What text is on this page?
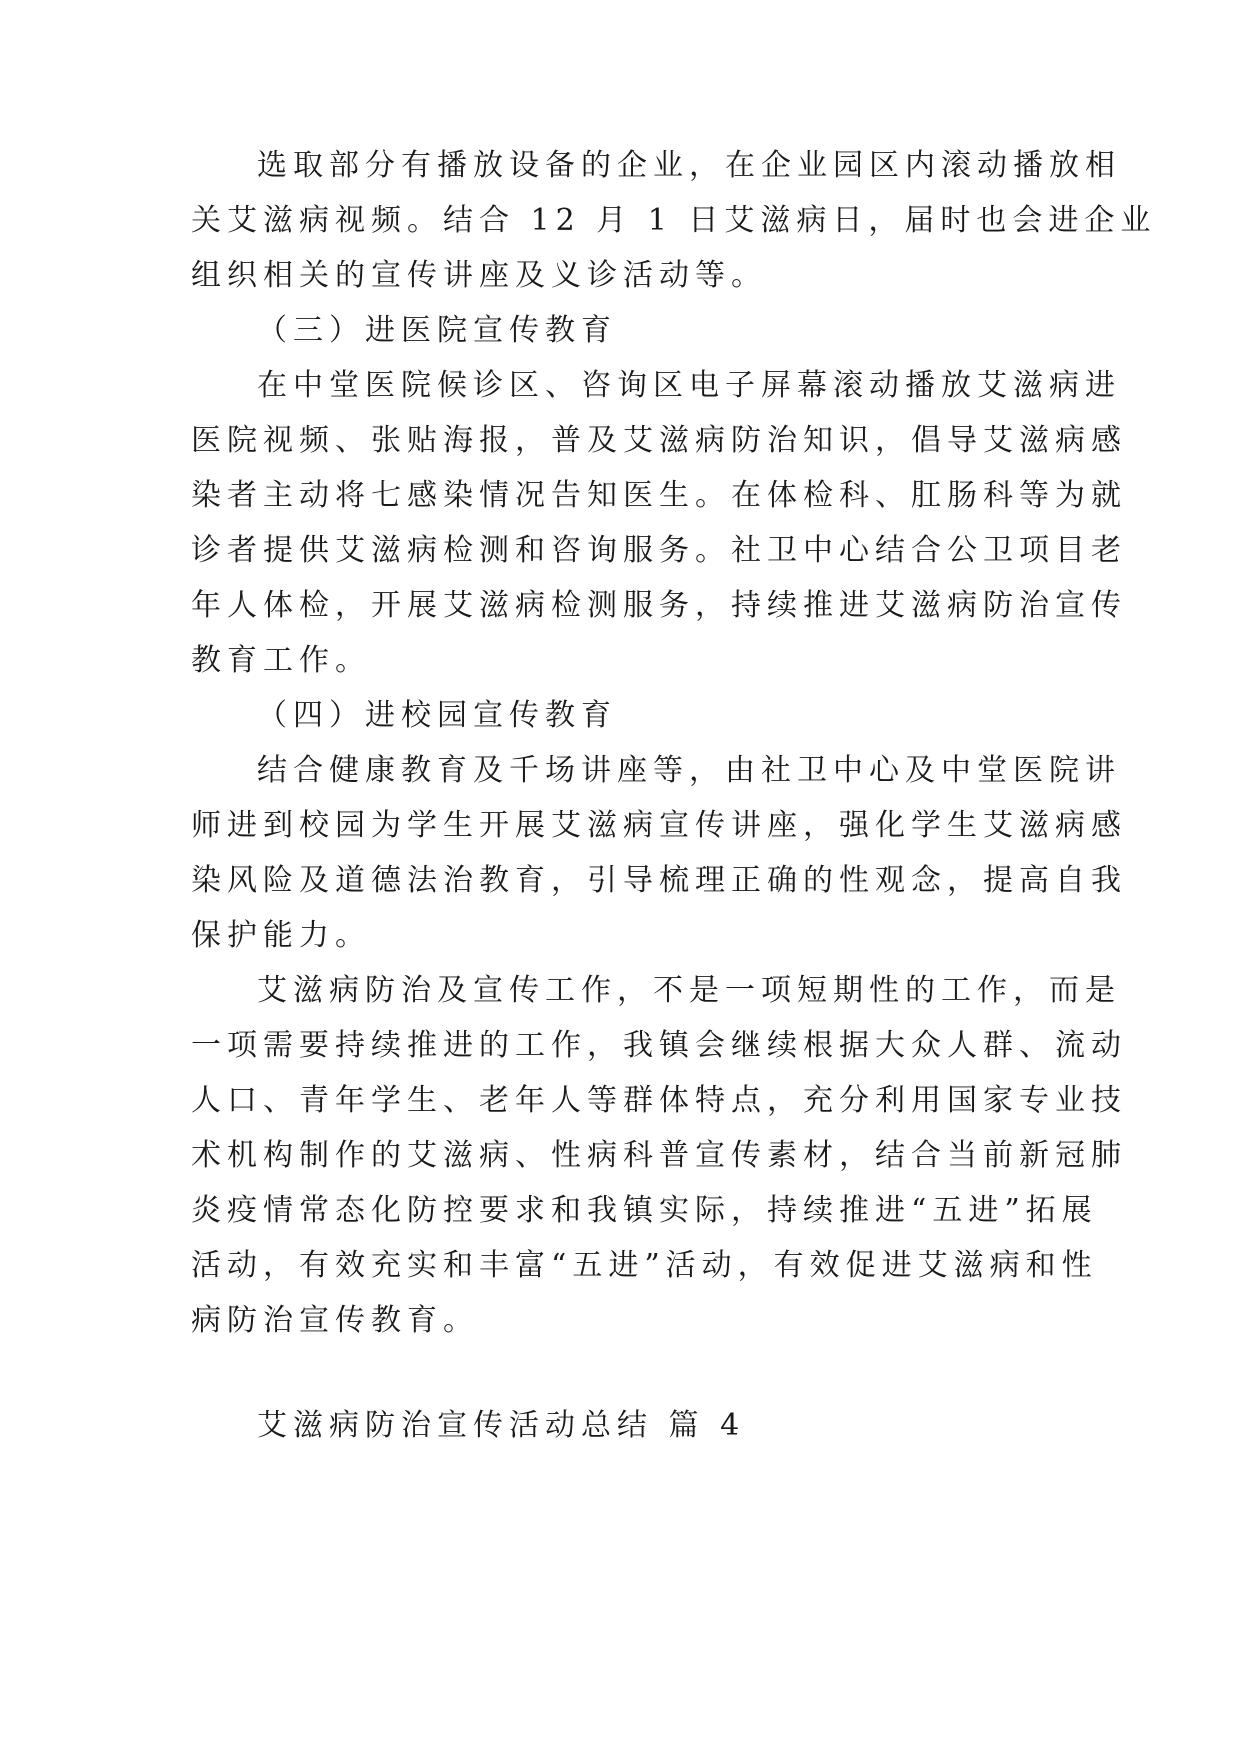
选取部分有播放设备的企业，在企业园区内滚动播放相
关艾滋病视频。结合 12 月 1 日艾滋病日，届时也会进企业
组织相关的宣传讲座及义诊活动等。
（三）进医院宣传教育
在中堂医院候诊区、咨询区电子屏幕滚动播放艾滋病进
医院视频、张贴海报，普及艾滋病防治知识，倡导艾滋病感
染者主动将七感染情况告知医生。在体检科、肛肠科等为就
诊者提供艾滋病检测和咨询服务。社卫中心结合公卫项目老
年人体检，开展艾滋病检测服务，持续推进艾滋病防治宣传
教育工作。
（四）进校园宣传教育
结合健康教育及千场讲座等，由社卫中心及中堂医院讲
师进到校园为学生开展艾滋病宣传讲座，强化学生艾滋病感
染风险及道德法治教育，引导梳理正确的性观念，提高自我
保护能力。
艾滋病防治及宣传工作，不是一项短期性的工作，而是
一项需要持续推进的工作，我镇会继续根据大众人群、流动
人口、青年学生、老年人等群体特点，充分利用国家专业技
术机构制作的艾滋病、性病科普宣传素材，结合当前新冠肺
炎疫情常态化防控要求和我镇实际，持续推进“五进”拓展
活动，有效充实和丰富“五进”活动，有效促进艾滋病和性
病防治宣传教育。
艾滋病防治宣传活动总结 篇 4
